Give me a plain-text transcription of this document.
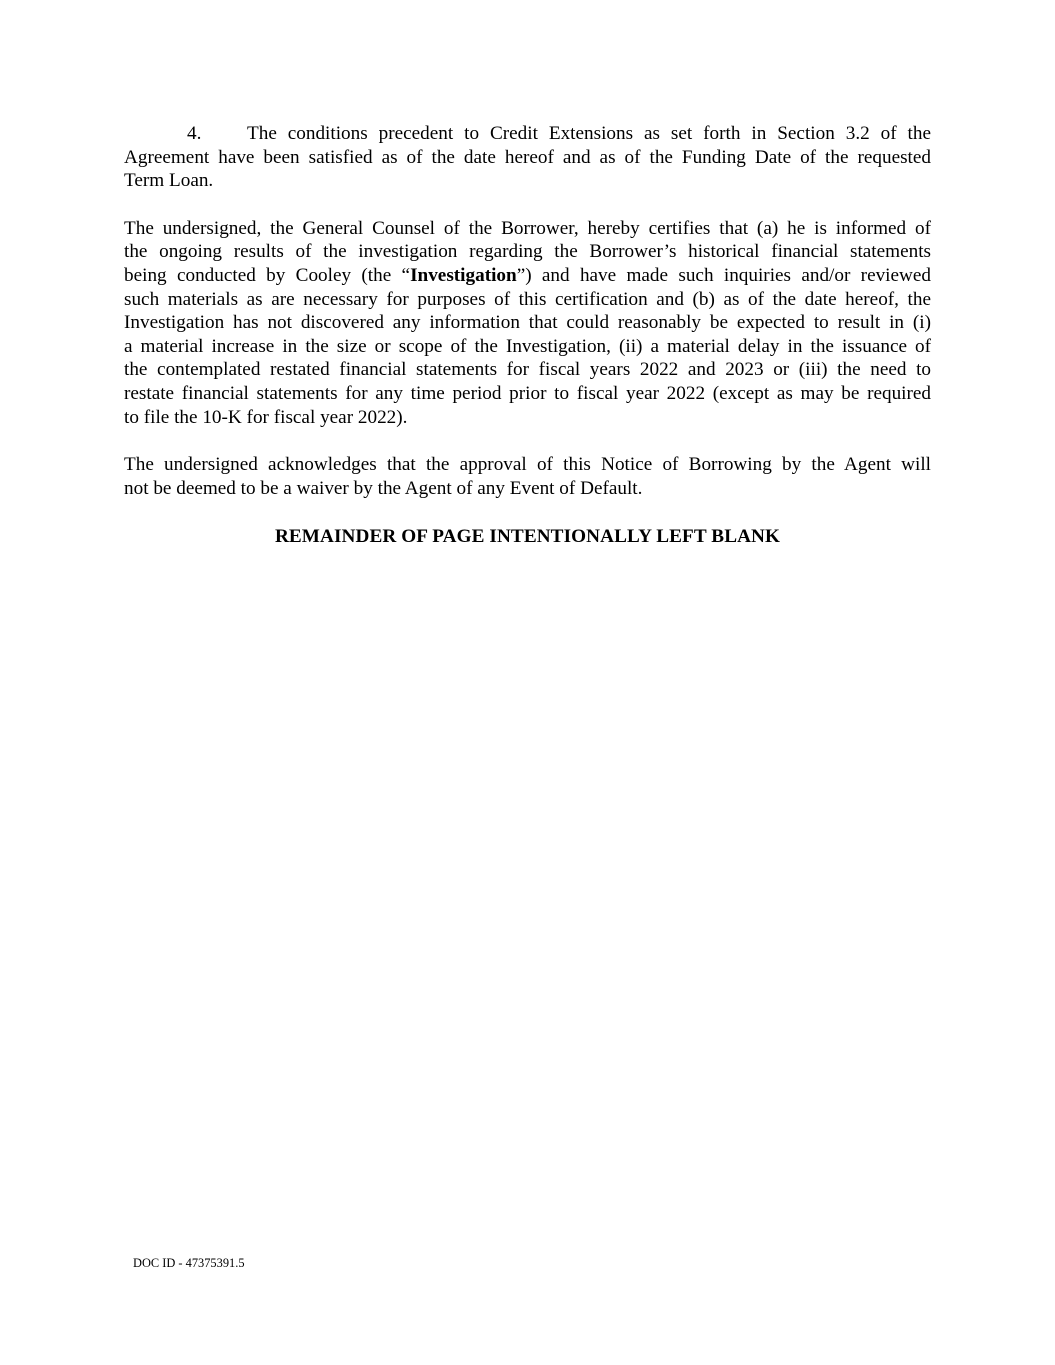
4. The conditions precedent to Credit Extensions as set forth in Section 3.2 of the
Agreement have been satisfied as of the date hereof and as of the Funding Date of the requested
Term Loan.
The undersigned, the General Counsel of the Borrower, hereby certifies that (a) he is informed of
the ongoing results of the investigation regarding the Borrower’s historical financial statements
being conducted by Cooley (the “Investigation”) and have made such inquiries and/or reviewed
such materials as are necessary for purposes of this certification and (b) as of the date hereof, the
Investigation has not discovered any information that could reasonably be expected to result in (i)
a material increase in the size or scope of the Investigation, (ii) a material delay in the issuance of
the contemplated restated financial statements for fiscal years 2022 and 2023 or (iii) the need to
restate financial statements for any time period prior to fiscal year 2022 (except as may be required
to file the 10-K for fiscal year 2022).
The undersigned acknowledges that the approval of this Notice of Borrowing by the Agent will
not be deemed to be a waiver by the Agent of any Event of Default.

REMAINDER OF PAGE INTENTIONALLY LEFT BLANK

DOC ID - 47375391.5
